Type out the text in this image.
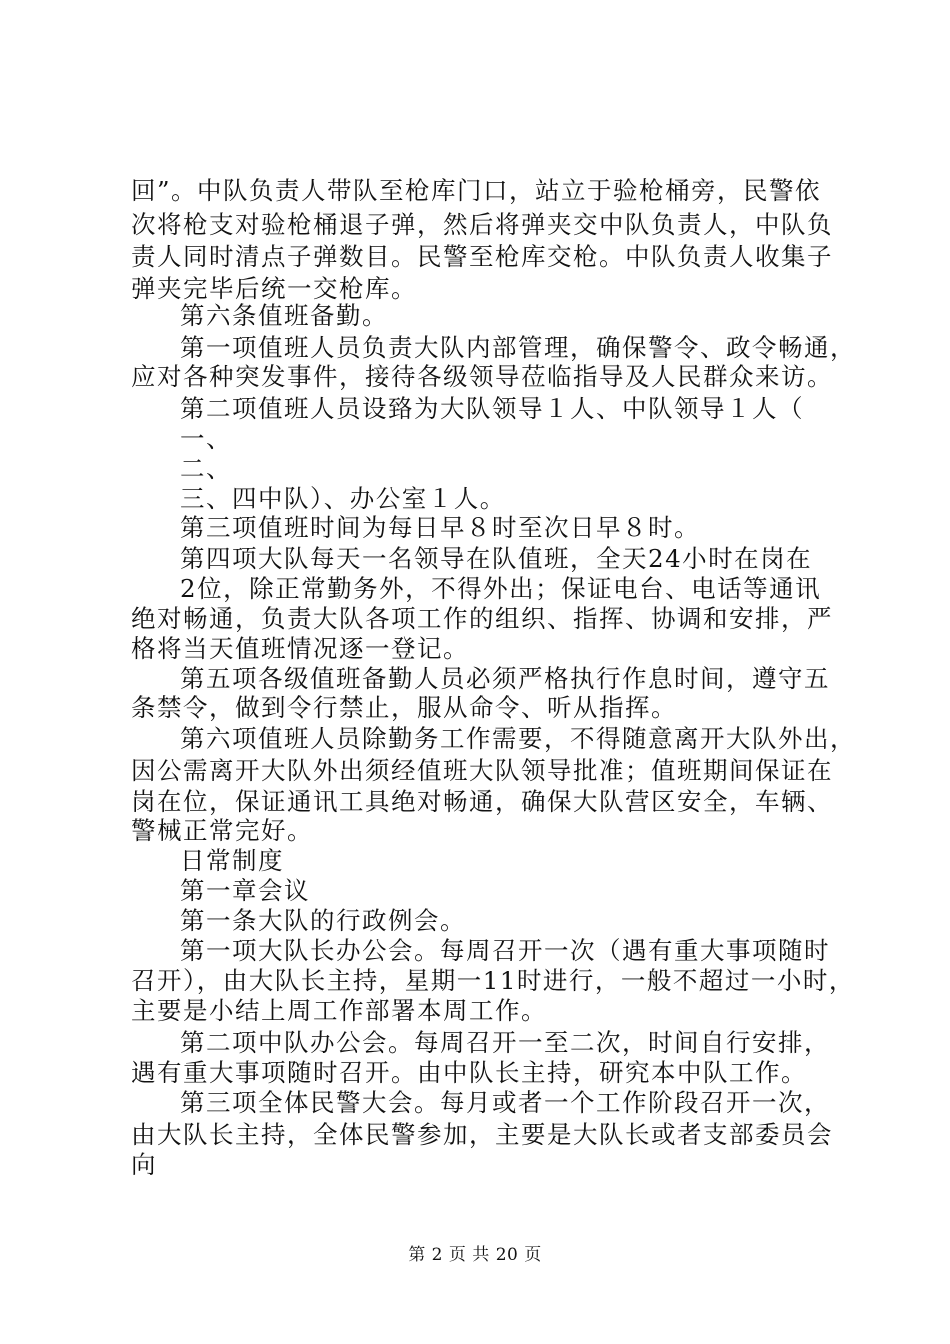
回”。中队负责人带队至枪库门口，站立于验枪桶旁，民警依
次将枪支对验枪桶退子弹，然后将弹夹交中队负责人，中队负
责人同时清点子弹数目。民警至枪库交枪。中队负责人收集子
弹夹完毕后统一交枪库。
第六条值班备勤。
第一项值班人员负责大队内部管理，确保警令、政令畅通，
应对各种突发事件，接待各级领导莅临指导及人民群众来访。
第二项值班人员设臵为大队领导１人、中队领导１人（
一、
二、
三、四中队）、办公室１人。
第三项值班时间为每日早８时至次日早８时。
第四项大队每天一名领导在队值班，全天24小时在岗在
2位，除正常勤务外，不得外出；保证电台、电话等通讯
绝对畅通，负责大队各项工作的组织、指挥、协调和安排，严
格将当天值班情况逐一登记。
第五项各级值班备勤人员必须严格执行作息时间，遵守五
条禁令，做到令行禁止，服从命令、听从指挥。
第六项值班人员除勤务工作需要，不得随意离开大队外出，
因公需离开大队外出须经值班大队领导批准；值班期间保证在
岗在位，保证通讯工具绝对畅通，确保大队营区安全，车辆、
警械正常完好。
日常制度
第一章会议
第一条大队的行政例会。
第一项大队长办公会。每周召开一次（遇有重大事项随时
召开），由大队长主持，星期一11时进行，一般不超过一小时，
主要是小结上周工作部署本周工作。
第二项中队办公会。每周召开一至二次，时间自行安排，
遇有重大事项随时召开。由中队长主持，研究本中队工作。
第三项全体民警大会。每月或者一个工作阶段召开一次，
由大队长主持，全体民警参加，主要是大队长或者支部委员会
向
第 2 页 共 20 页
